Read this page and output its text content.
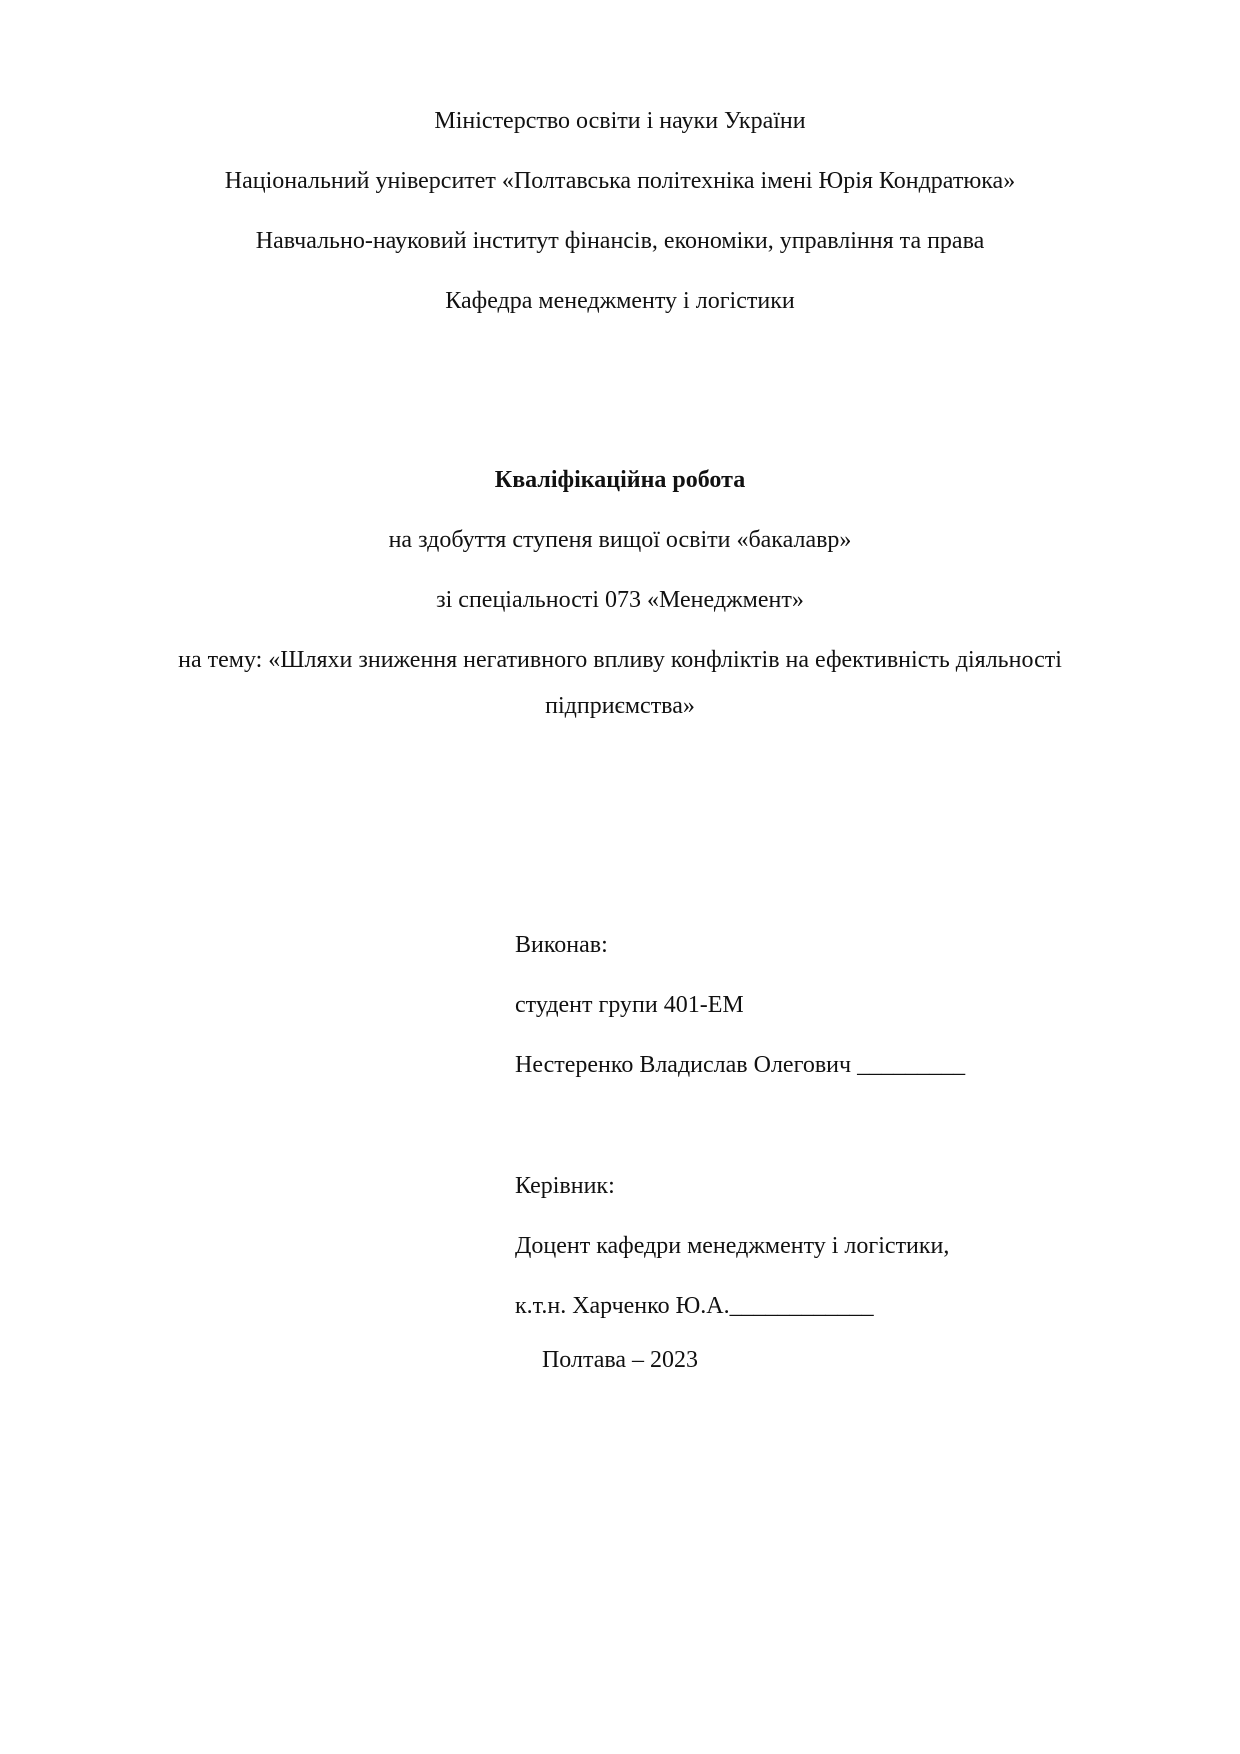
Міністерство освіти і науки України

Національний університет «Полтавська політехніка імені Юрія Кондратюка»

Навчально-науковий інститут фінансів, економіки, управління та права

Кафедра менеджменту і логістики

Кваліфікаційна робота

на здобуття ступеня вищої освіти «бакалавр»

зі спеціальності 073 «Менеджмент»

на тему: «Шляхи зниження негативного впливу конфліктів на ефективність діяльності підприємства»

Виконав:

студент групи 401-ЕМ

Нестеренко Владислав Олегович _________

Керівник:

Доцент кафедри менеджменту і логістики,

к.т.н. Харченко Ю.А.____________

Полтава – 2023
